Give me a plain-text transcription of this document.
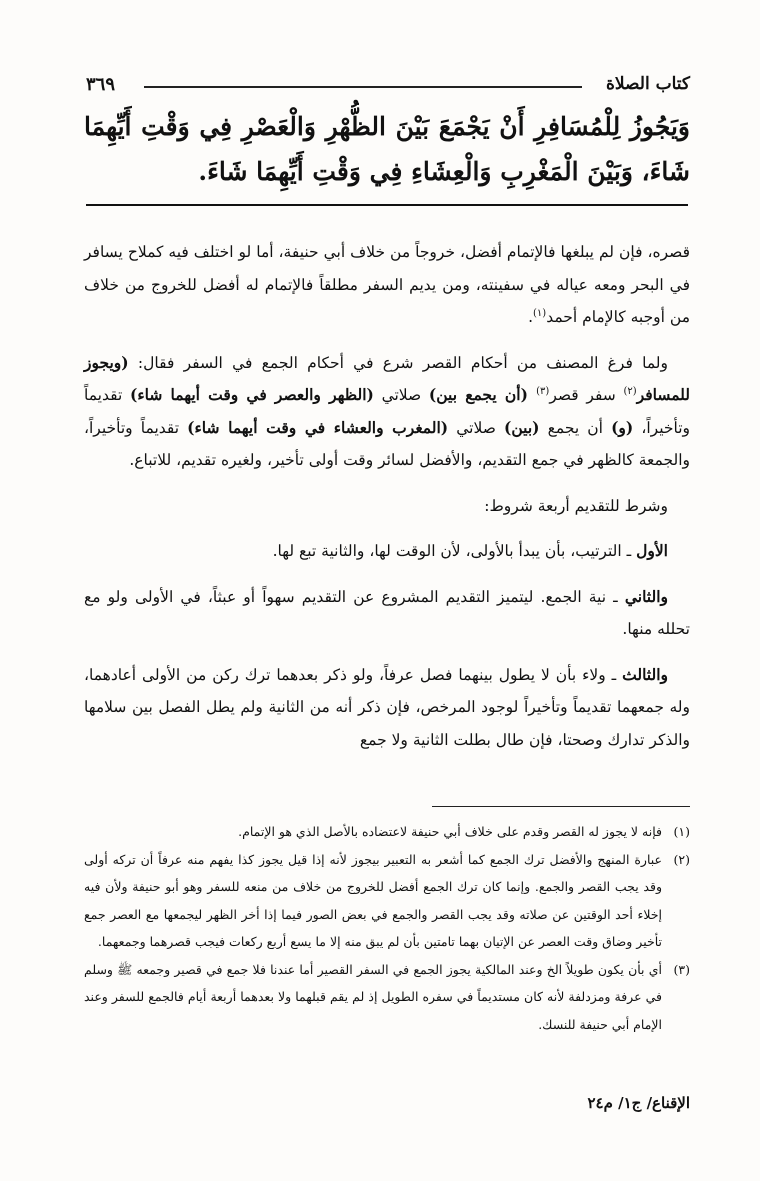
٣٦٩	كتاب الصلاة
وَيَجُوزُ لِلْمُسَافِرِ أَنْ يَجْمَعَ بَيْنَ الظُّهْرِ وَالْعَصْرِ فِي وَقْتِ أَيِّهِمَا شَاءَ، وَبَيْنَ الْمَغْرِبِ وَالْعِشَاءِ فِي وَقْتِ أَيِّهِمَا شَاءَ.

قصره، فإن لم يبلغها فالإتمام أفضل، خروجاً من خلاف أبي حنيفة، أما لو اختلف فيه كملاح يسافر في البحر ومعه عياله في سفينته، ومن يديم السفر مطلقاً فالإتمام له أفضل للخروج من خلاف من أوجبه كالإمام أحمد$^{(١)}$.

ولما فرغ المصنف من أحكام القصر شرع في أحكام الجمع في السفر فقال: (ويجوز للمسافر$^{(٢)}$ سفر قصر$^{(٣)}$ (أن يجمع بين) صلاتي (الظهر والعصر في وقت أيهما شاء) تقديماً وتأخيراً، (و) أن يجمع (بين) صلاتي (المغرب والعشاء في وقت أيهما شاء) تقديماً وتأخيراً، والجمعة كالظهر في جمع التقديم، والأفضل لسائر وقت أولى تأخير، ولغيره تقديم، للاتباع.

وشرط للتقديم أربعة شروط:

الأول ـ الترتيب، بأن يبدأ بالأولى، لأن الوقت لها، والثانية تبع لها.

والثاني ـ نية الجمع. ليتميز التقديم المشروع عن التقديم سهواً أو عبثاً، في الأولى ولو مع تحلله منها.

والثالث ـ ولاء بأن لا يطول بينهما فصل عرفاً، ولو ذكر بعدهما ترك ركن من الأولى أعادهما، وله جمعهما تقديماً وتأخيراً لوجود المرخص، فإن ذكر أنه من الثانية ولم يطل الفصل بين سلامها والذكر تدارك وصحتا، فإن طال بطلت الثانية ولا جمع

(١)
فإنه لا يجوز له القصر وقدم على خلاف أبي حنيفة لاعتضاده بالأصل الذي هو الإتمام.
(٢)
عبارة المنهج والأفضل ترك الجمع كما أشعر به التعبير بيجوز لأنه إذا قيل يجوز كذا يفهم منه عرفاً أن تركه أولى وقد يجب القصر والجمع. وإنما كان ترك الجمع أفضل للخروج من خلاف من منعه للسفر وهو أبو حنيفة ولأن فيه إخلاء أحد الوقتين عن صلاته وقد يجب القصر والجمع في بعض الصور فيما إذا أخر الظهر ليجمعها مع العصر جمع تأخير وضاق وقت العصر عن الإتيان بهما تامتين بأن لم يبق منه إلا ما يسع أربع ركعات فيجب قصرهما وجمعهما.
(٣)
أي بأن يكون طويلاً الخ وعند المالكية يجوز الجمع في السفر القصير أما عندنا فلا جمع في قصير وجمعه ﷺ وسلم في عرفة ومزدلفة لأنه كان مستديماً في سفره الطويل إذ لم يقم قبلهما ولا بعدهما أربعة أيام فالجمع للسفر وعند الإمام أبي حنيفة للنسك.
الإقناع/ ج١/ م٢٤
